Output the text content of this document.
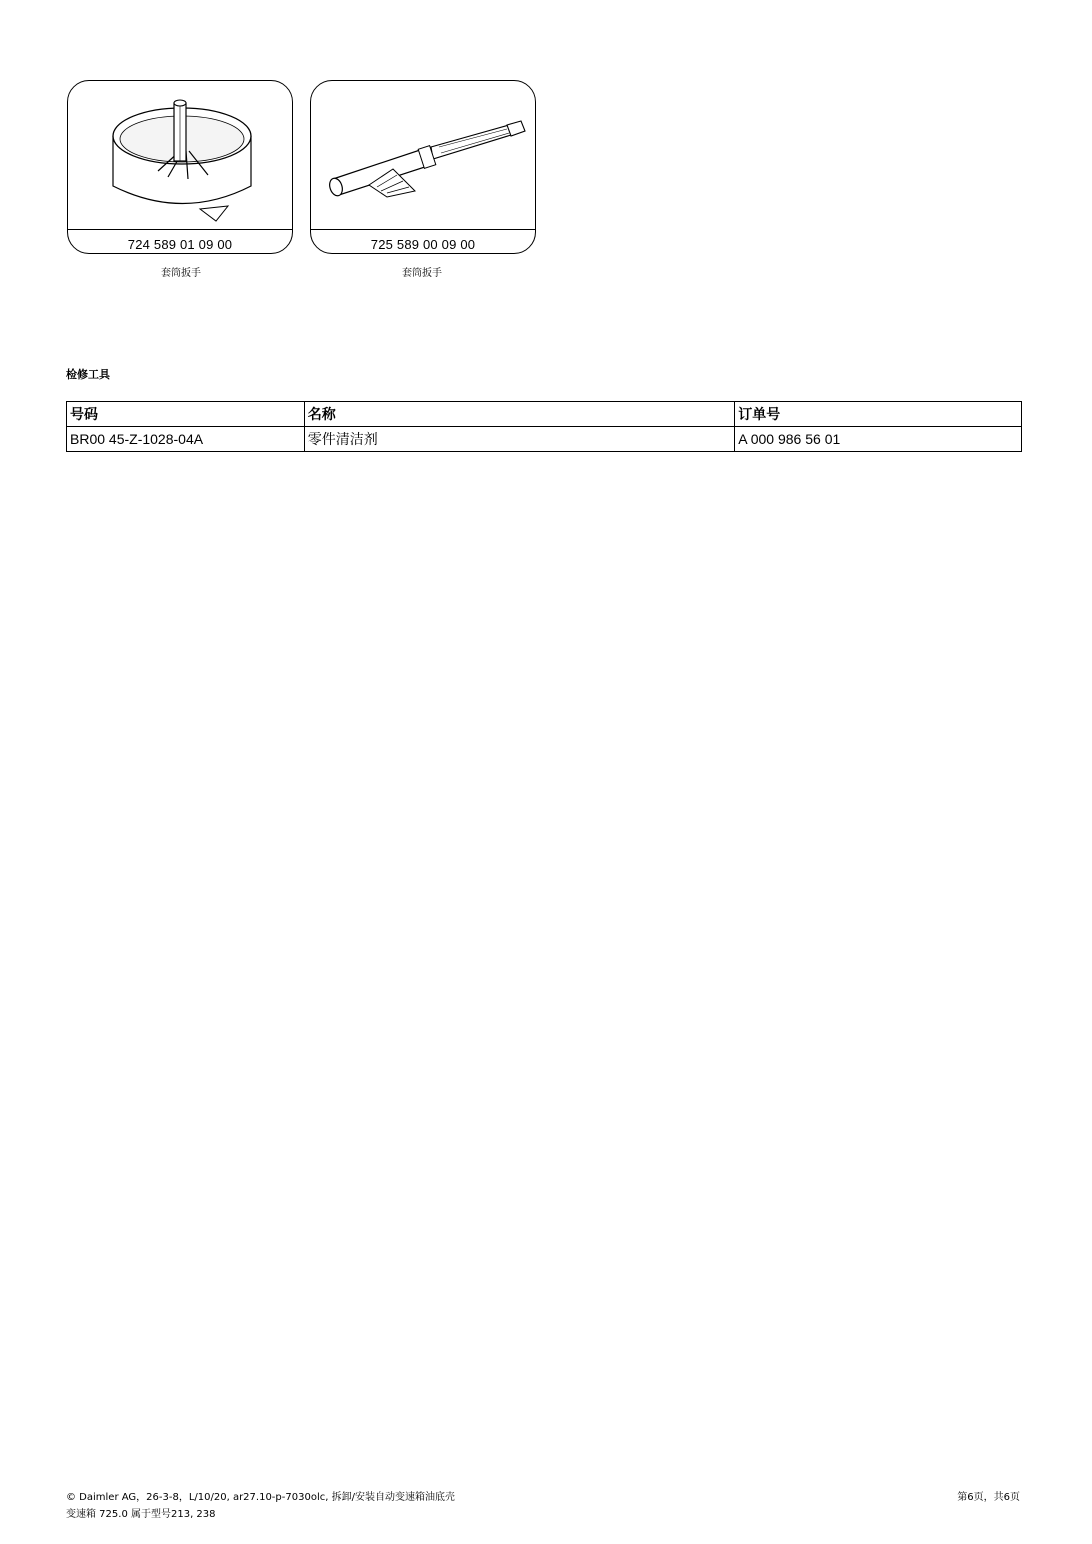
724 589 01 09 00
套筒扳手
725 589 00 09 00
套筒扳手
检修工具
号码	名称	订单号
BR00 45-Z-1028-04A	零件清洁剂	A 000 986 56 01
© Daimler AG，26-3-8，L/10/20, ar27.10-p-7030olc, 拆卸/安装自动变速箱油底壳
变速箱 725.0 属于型号213, 238
第6页，共6页
